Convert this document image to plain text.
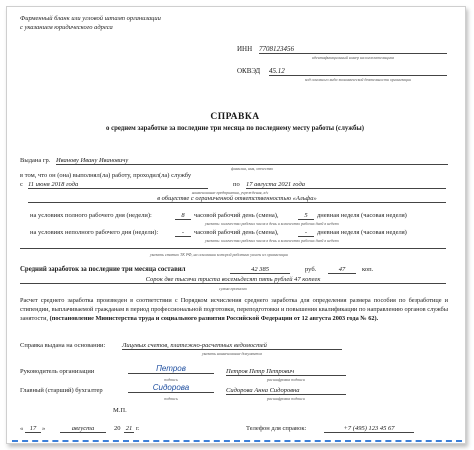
Фирменный бланк или угловой штамп организации
с указанием юридического адреса
ИНН 7708123456
идентификационный номер налогоплательщика
ОКВЭД 45.12
код основного вида экономической деятельности организации
СПРАВКА
о среднем заработке за последние три месяца по последнему месту работы (службы)
Выдана гр. Иванову Ивану Ивановичу
фамилия, имя, отчество
в том, что он (она) выполнял(ла) работу, проходил(ла) службу
с 11 июня 2018 года	по 17 августа 2021 года
наименование предприятия, учреждения, в/ч
в обществе с ограниченной ответственностью «Альфа»
на условиях полного рабочего дня (недели):	8	часовой рабочий день (смена),	5	дневная неделя (часовая неделя)
указать: количество рабочих часов в день и количество рабочих дней в неделю
на условиях неполного рабочего дня (недели):	-	часовой рабочий день (смена),	-	дневная неделя (часовая неделя)
указать: количество рабочих часов в день и количество рабочих дней в неделю
указать статью ТК РФ, на основании которой работник уволен из организации
Средний заработок за последние три месяца составил	42 385	руб.	47	коп.
Сорок две тысячи триста восемьдесят пять рублей 47 копеек
сумма прописью
Расчет среднего заработка произведен в соответствии с Порядком исчисления среднего заработка для определения размера пособия по безработице и стипендии, выплачиваемой гражданам в период профессиональной подготовки, переподготовки и повышения квалификации по направлению органов службы занятости, (постановление Министерства труда и социального развития Российской Федерации от 12 августа 2003 года № 62).
Справка выдана на основании:	Лицевых счетов, платежно-расчетных ведомостей
указать наименование документов
Руководитель организации	Петров	Петров Петр Петрович
подпись	расшифровка подписи
Главный (старший) бухгалтер	Сидорова	Сидорова Анна Сидоровна
подпись	расшифровка подписи
М.П.
«	17 »	августа	20 21 г.	Телефон для справок:	+7 (495) 123 45 67
